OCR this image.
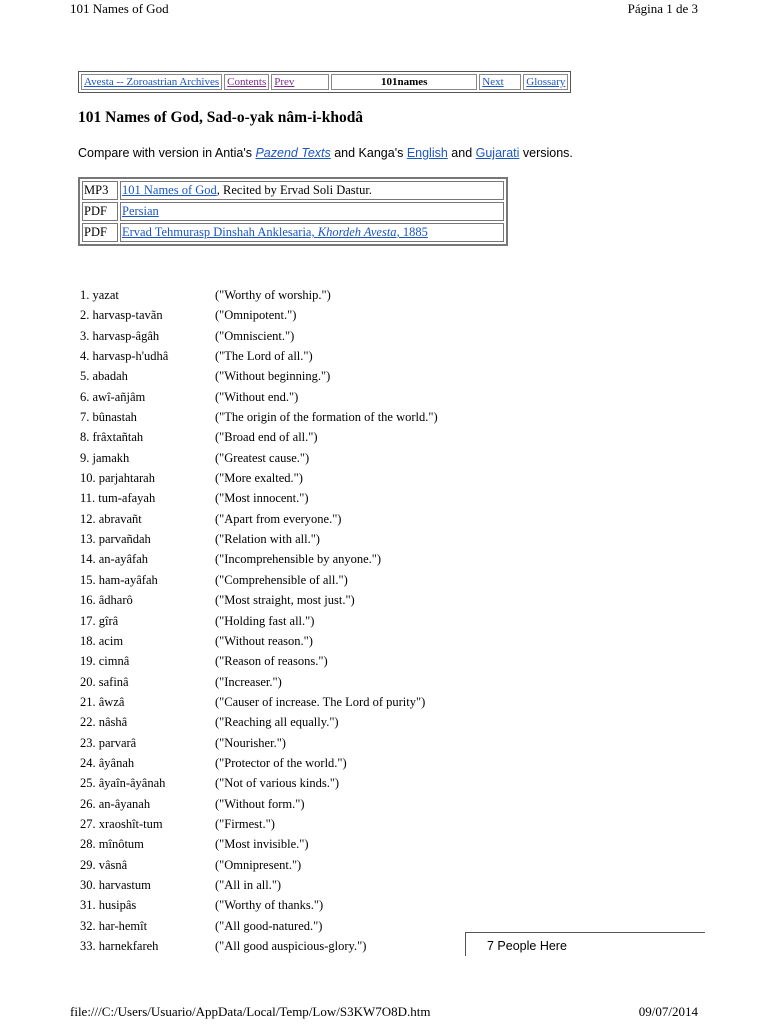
101 Names of God	Página 1 de 3
Avesta -- Zoroastrian Archives	Contents	Prev	101names	Next	Glossary
101 Names of God, Sad-o-yak nâm-i-khodâ

Compare with version in Antia's Pazend Texts and Kanga's English and Gujarati versions.

MP3	101 Names of God, Recited by Ervad Soli Dastur.
PDF	Persian
PDF	Ervad Tehmurasp Dinshah Anklesaria, Khordeh Avesta, 1885
1. yazat	("Worthy of worship.")
2. harvasp-tavãn	("Omnipotent.")
3. harvasp-âgâh	("Omniscient.")
4. harvasp-h'udhâ	("The Lord of all.")
5. abadah	("Without beginning.")
6. awî-añjâm	("Without end.")
7. bûnastah	("The origin of the formation of the world.")
8. frâxtañtah	("Broad end of all.")
9. jamakh	("Greatest cause.")
10. parjahtarah	("More exalted.")
11. tum-afayah	("Most innocent.")
12. abravañt	("Apart from everyone.")
13. parvañdah	("Relation with all.")
14. an-ayâfah	("Incomprehensible by anyone.")
15. ham-ayâfah	("Comprehensible of all.")
16. âdharô	("Most straight, most just.")
17. gîrâ	("Holding fast all.")
18. acim	("Without reason.")
19. cimnâ	("Reason of reasons.")
20. safinâ	("Increaser.")
21. âwzâ	("Causer of increase. The Lord of purity")
22. nâshâ	("Reaching all equally.")
23. parvarâ	("Nourisher.")
24. âyânah	("Protector of the world.")
25. âyaîn-âyânah	("Not of various kinds.")
26. an-âyanah	("Without form.")
27. xraoshît-tum	("Firmest.")
28. mînôtum	("Most invisible.")
29. vâsnâ	("Omnipresent.")
30. harvastum	("All in all.")
31. husipâs	("Worthy of thanks.")
32. har-hemît	("All good-natured.")
33. harnekfareh	("All good auspicious-glory.")	7 People Here
file:///C:/Users/Usuario/AppData/Local/Temp/Low/S3KW7O8D.htm	09/07/2014
